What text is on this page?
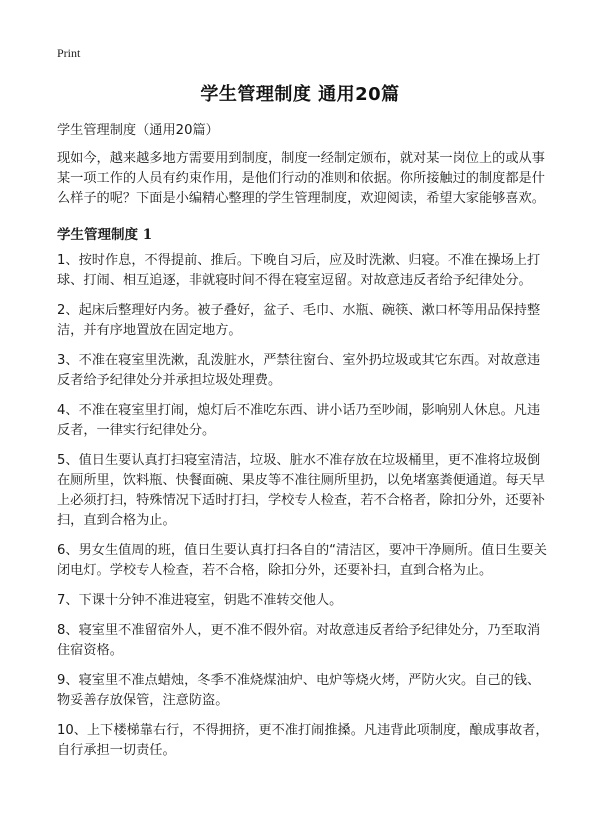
Print
学生管理制度 通用20篇

学生管理制度（通用20篇）

现如今，越来越多地方需要用到制度，制度一经制定颁布，就对某一岗位上的或从事某一项工作的人员有约束作用，是他们行动的准则和依据。你所接触过的制度都是什么样子的呢？下面是小编精心整理的学生管理制度，欢迎阅读，希望大家能够喜欢。

学生管理制度 1

1、按时作息，不得提前、推后。下晚自习后，应及时洗漱、归寝。不准在操场上打球、打闹、相互追逐，非就寝时间不得在寝室逗留。对故意违反者给予纪律处分。

2、起床后整理好内务。被子叠好，盆子、毛巾、水瓶、碗筷、漱口杯等用品保持整洁，并有序地置放在固定地方。

3、不准在寝室里洗漱，乱泼脏水，严禁往窗台、室外扔垃圾或其它东西。对故意违反者给予纪律处分并承担垃圾处理费。

4、不准在寝室里打闹，熄灯后不准吃东西、讲小话乃至吵闹，影响别人休息。凡违反者，一律实行纪律处分。

5、值日生要认真打扫寝室清洁，垃圾、脏水不准存放在垃圾桶里，更不准将垃圾倒在厕所里，饮料瓶、快餐面碗、果皮等不准往厕所里扔，以免堵塞粪便通道。每天早上必须打扫，特殊情况下适时打扫，学校专人检查，若不合格者，除扣分外，还要补扫，直到合格为止。

6、男女生值周的班，值日生要认真打扫各自的“清洁区，要冲干净厕所。值日生要关闭电灯。学校专人检查，若不合格，除扣分外，还要补扫，直到合格为止。

7、下课十分钟不准进寝室，钥匙不准转交他人。

8、寝室里不准留宿外人，更不准不假外宿。对故意违反者给予纪律处分，乃至取消住宿资格。

9、寝室里不准点蜡烛，冬季不准烧煤油炉、电炉等烧火烤，严防火灾。自己的钱、物妥善存放保管，注意防盗。

10、上下楼梯靠右行，不得拥挤，更不准打闹推搡。凡违背此项制度，酿成事故者，自行承担一切责任。
